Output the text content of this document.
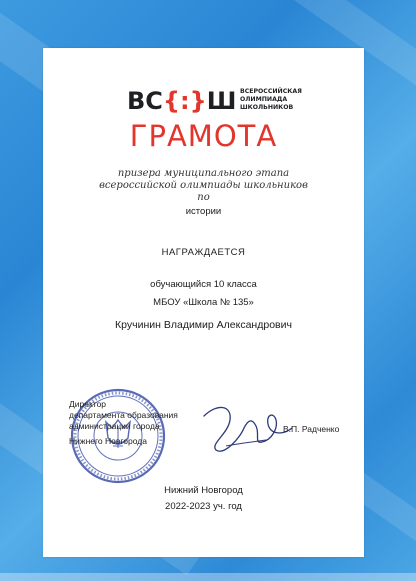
ВС{:}Ш ВСЕРОССИЙСКАЯ
ОЛИМПИАДА
ШКОЛЬНИКОВ
ГРАМОТА
призера муниципального этапа
всероссийской олимпиады школьников
по
истории
НАГРАЖДАЕТСЯ
обучающийся 10 класса
МБОУ «Школа № 135»
Кручинин Владимир Александрович
Директор
департамента образования
администрации города
Нижнего Новгорода
В.П. Радченко
Нижний Новгород
2022-2023 уч. год
